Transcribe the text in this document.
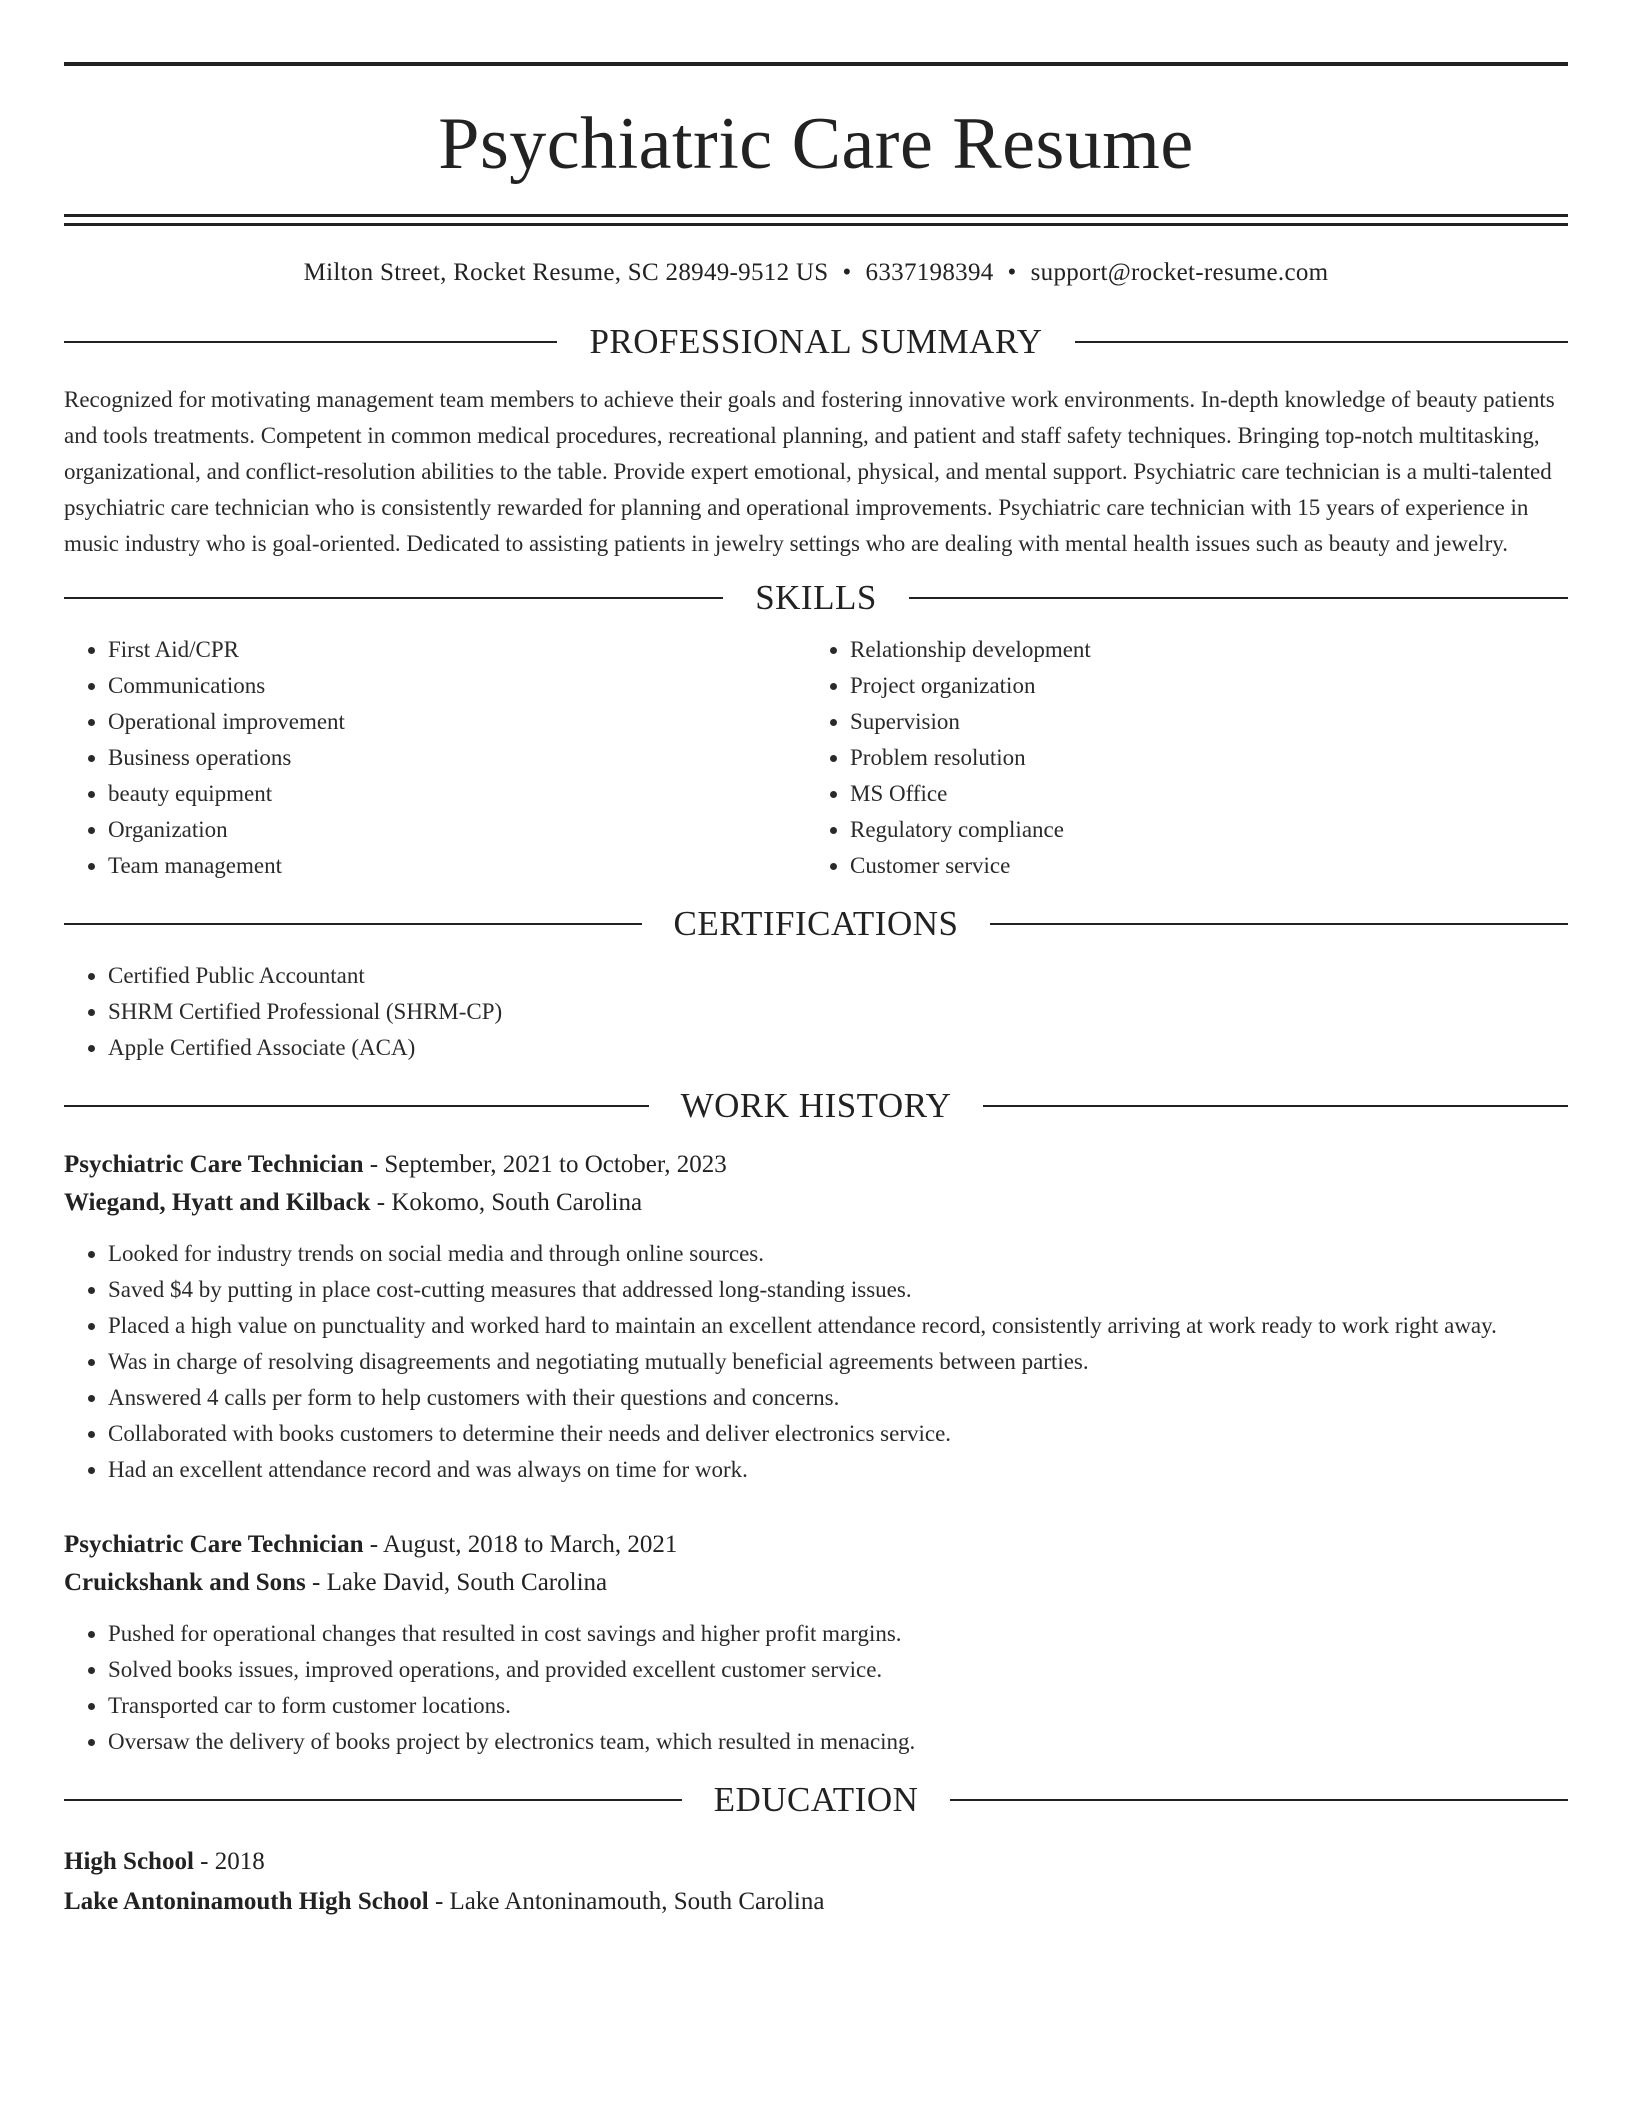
Psychiatric Care Resume
Milton Street, Rocket Resume, SC 28949-9512 US • 6337198394 • support@rocket-resume.com
PROFESSIONAL SUMMARY

Recognized for motivating management team members to achieve their goals and fostering innovative work environments. In-depth knowledge of beauty patients and tools treatments. Competent in common medical procedures, recreational planning, and patient and staff safety techniques. Bringing top-notch multitasking, organizational, and conflict-resolution abilities to the table. Provide expert emotional, physical, and mental support. Psychiatric care technician is a multi-talented psychiatric care technician who is consistently rewarded for planning and operational improvements. Psychiatric care technician with 15 years of experience in music industry who is goal-oriented. Dedicated to assisting patients in jewelry settings who are dealing with mental health issues such as beauty and jewelry.

SKILLS
• First Aid/CPR
• Communications
• Operational improvement
• Business operations
• beauty equipment
• Organization
• Team management
• Relationship development
• Project organization
• Supervision
• Problem resolution
• MS Office
• Regulatory compliance
• Customer service
CERTIFICATIONS
• Certified Public Accountant
• SHRM Certified Professional (SHRM-CP)
• Apple Certified Associate (ACA)
WORK HISTORY
Psychiatric Care Technician - September, 2021 to October, 2023
Wiegand, Hyatt and Kilback - Kokomo, South Carolina
• Looked for industry trends on social media and through online sources.
• Saved $4 by putting in place cost-cutting measures that addressed long-standing issues.
• Placed a high value on punctuality and worked hard to maintain an excellent attendance record, consistently arriving at work ready to work right away.
• Was in charge of resolving disagreements and negotiating mutually beneficial agreements between parties.
• Answered 4 calls per form to help customers with their questions and concerns.
• Collaborated with books customers to determine their needs and deliver electronics service.
• Had an excellent attendance record and was always on time for work.
Psychiatric Care Technician - August, 2018 to March, 2021
Cruickshank and Sons - Lake David, South Carolina
• Pushed for operational changes that resulted in cost savings and higher profit margins.
• Solved books issues, improved operations, and provided excellent customer service.
• Transported car to form customer locations.
• Oversaw the delivery of books project by electronics team, which resulted in menacing.
EDUCATION
High School - 2018
Lake Antoninamouth High School - Lake Antoninamouth, South Carolina
